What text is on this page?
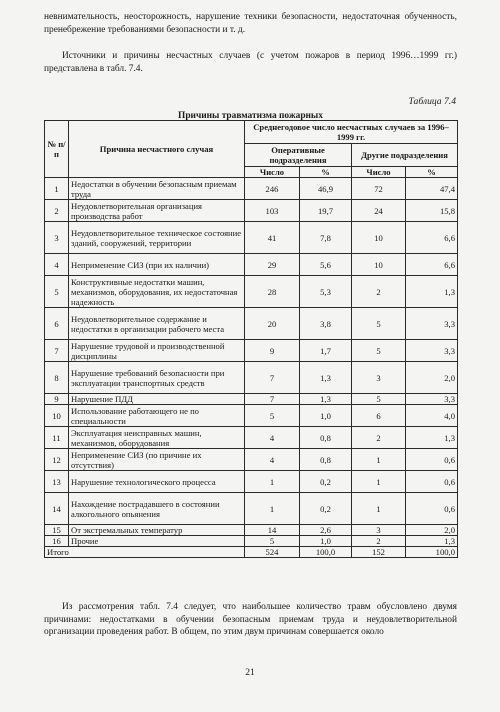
невнимательность, неосторожность, нарушение техники безопасности, недостаточная обученность, пренебрежение требованиями безопасности и т. д.

Источники и причины несчастных случаев (с учетом пожаров в период 1996…1999 гг.) представлена в табл. 7.4.

Таблица 7.4
Причины травматизма пожарных
№ п/п	Причина несчастного случая	Среднегодовое число несчастных случаев за 1996–1999 гг.			
		Оперативные подразделения		Другие подразделения	
		Число	%	Число	%
1	Недостатки в обучении безопасным приемам труда	246	46,9	72	47,4
2	Неудовлетворительная организация производства работ	103	19,7	24	15,8
3	Неудовлетворительное техническое состояние зданий, сооружений, территории	41	7,8	10	6,6
4	Неприменение СИЗ (при их наличии)	29	5,6	10	6,6
5	Конструктивные недостатки машин, механизмов, оборудования, их недостаточная надежность	28	5,3	2	1,3
6	Неудовлетворительное содержание и недостатки в организации рабочего места	20	3,8	5	3,3
7	Нарушение трудовой и производственной дисциплины	9	1,7	5	3,3
8	Нарушение требований безопасности при эксплуатации транспортных средств	7	1,3	3	2,0
9	Нарушение ПДД	7	1,3	5	3,3
10	Использование работающего не по специальности	5	1,0	6	4,0
11	Эксплуатация неисправных машин, механизмов, оборудования	4	0,8	2	1,3
12	Неприменение СИЗ (по причине их отсутствия)	4	0,8	1	0,6
13	Нарушение технологического процесса	1	0,2	1	0,6
14	Нахождение пострадавшего в состоянии алкогольного опьянения	1	0,2	1	0,6
15	От экстремальных температур	14	2,6	3	2,0
16	Прочие	5	1,0	2	1,3
Итого		524	100,0	152	100,0

Из рассмотрения табл. 7.4 следует, что наибольшее количество травм обусловлено двумя причинами: недостатками в обучении безопасным приемам труда и неудовлетворительной организации проведения работ. В общем, по этим двум причинам совершается около

21
